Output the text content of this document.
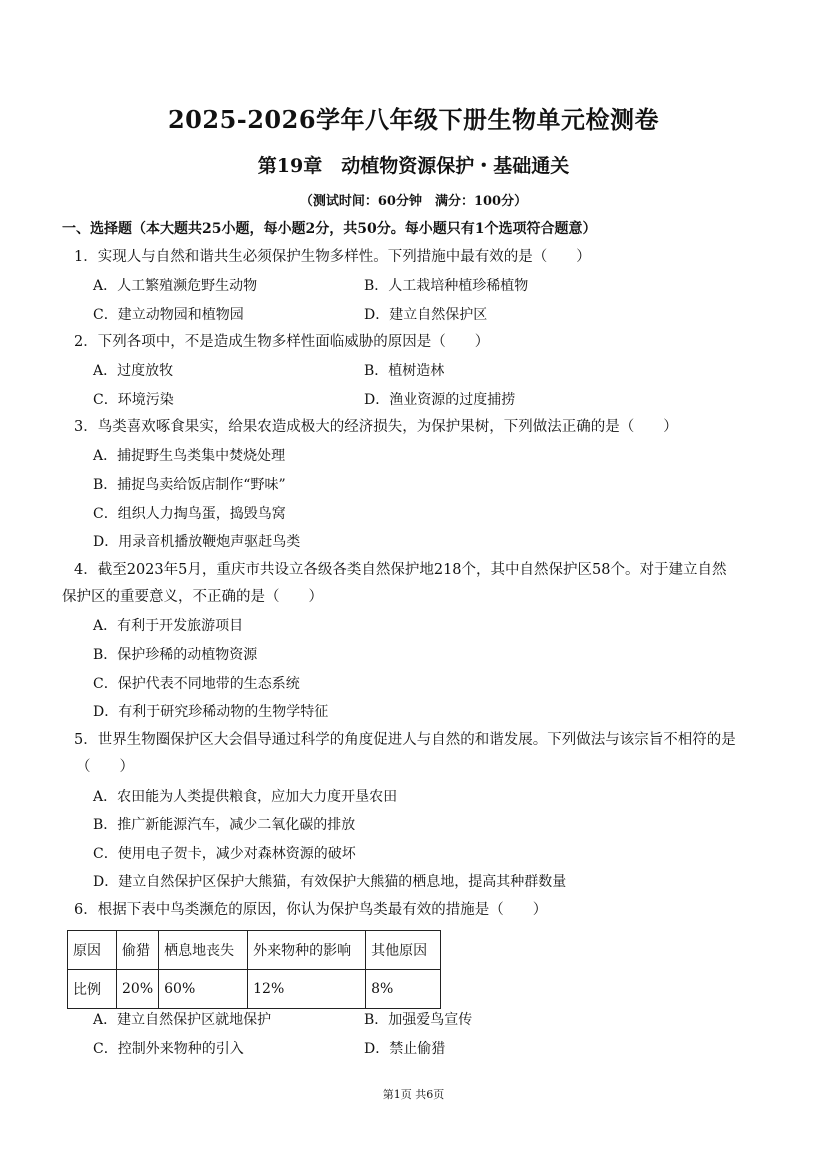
2025-2026学年八年级下册生物单元检测卷
第19章　动植物资源保护・基础通关
（测试时间：60分钟　满分：100分）
一、选择题（本大题共25小题，每小题2分，共50分。每小题只有1个选项符合题意）
1．实现人与自然和谐共生必须保护生物多样性。下列措施中最有效的是（　　）
A．人工繁殖濒危野生动物	B．人工栽培种植珍稀植物
C．建立动物园和植物园	D．建立自然保护区
2．下列各项中，不是造成生物多样性面临威胁的原因是（　　）
A．过度放牧	B．植树造林
C．环境污染	D．渔业资源的过度捕捞
3．鸟类喜欢啄食果实，给果农造成极大的经济损失，为保护果树，下列做法正确的是（　　）
A．捕捉野生鸟类集中焚烧处理
B．捕捉鸟卖给饭店制作“野味”
C．组织人力掏鸟蛋，捣毁鸟窝
D．用录音机播放鞭炮声驱赶鸟类
4．截至2023年5月，重庆市共设立各级各类自然保护地218个，其中自然保护区58个。对于建立自然
保护区的重要意义，不正确的是（　　）
A．有利于开发旅游项目
B．保护珍稀的动植物资源
C．保护代表不同地带的生态系统
D．有利于研究珍稀动物的生物学特征
5．世界生物圈保护区大会倡导通过科学的角度促进人与自然的和谐发展。下列做法与该宗旨不相符的是
（　　）
A．农田能为人类提供粮食，应加大力度开垦农田
B．推广新能源汽车，减少二氧化碳的排放
C．使用电子贺卡，减少对森林资源的破坏
D．建立自然保护区保护大熊猫，有效保护大熊猫的栖息地，提高其种群数量
6．根据下表中鸟类濒危的原因，你认为保护鸟类最有效的措施是（　　）
原因	偷猎	栖息地丧失	外来物种的影响	其他原因
比例	20%	60%	12%	8%
A．建立自然保护区就地保护	B．加强爱鸟宣传
C．控制外来物种的引入	D．禁止偷猎
第1页 共6页
